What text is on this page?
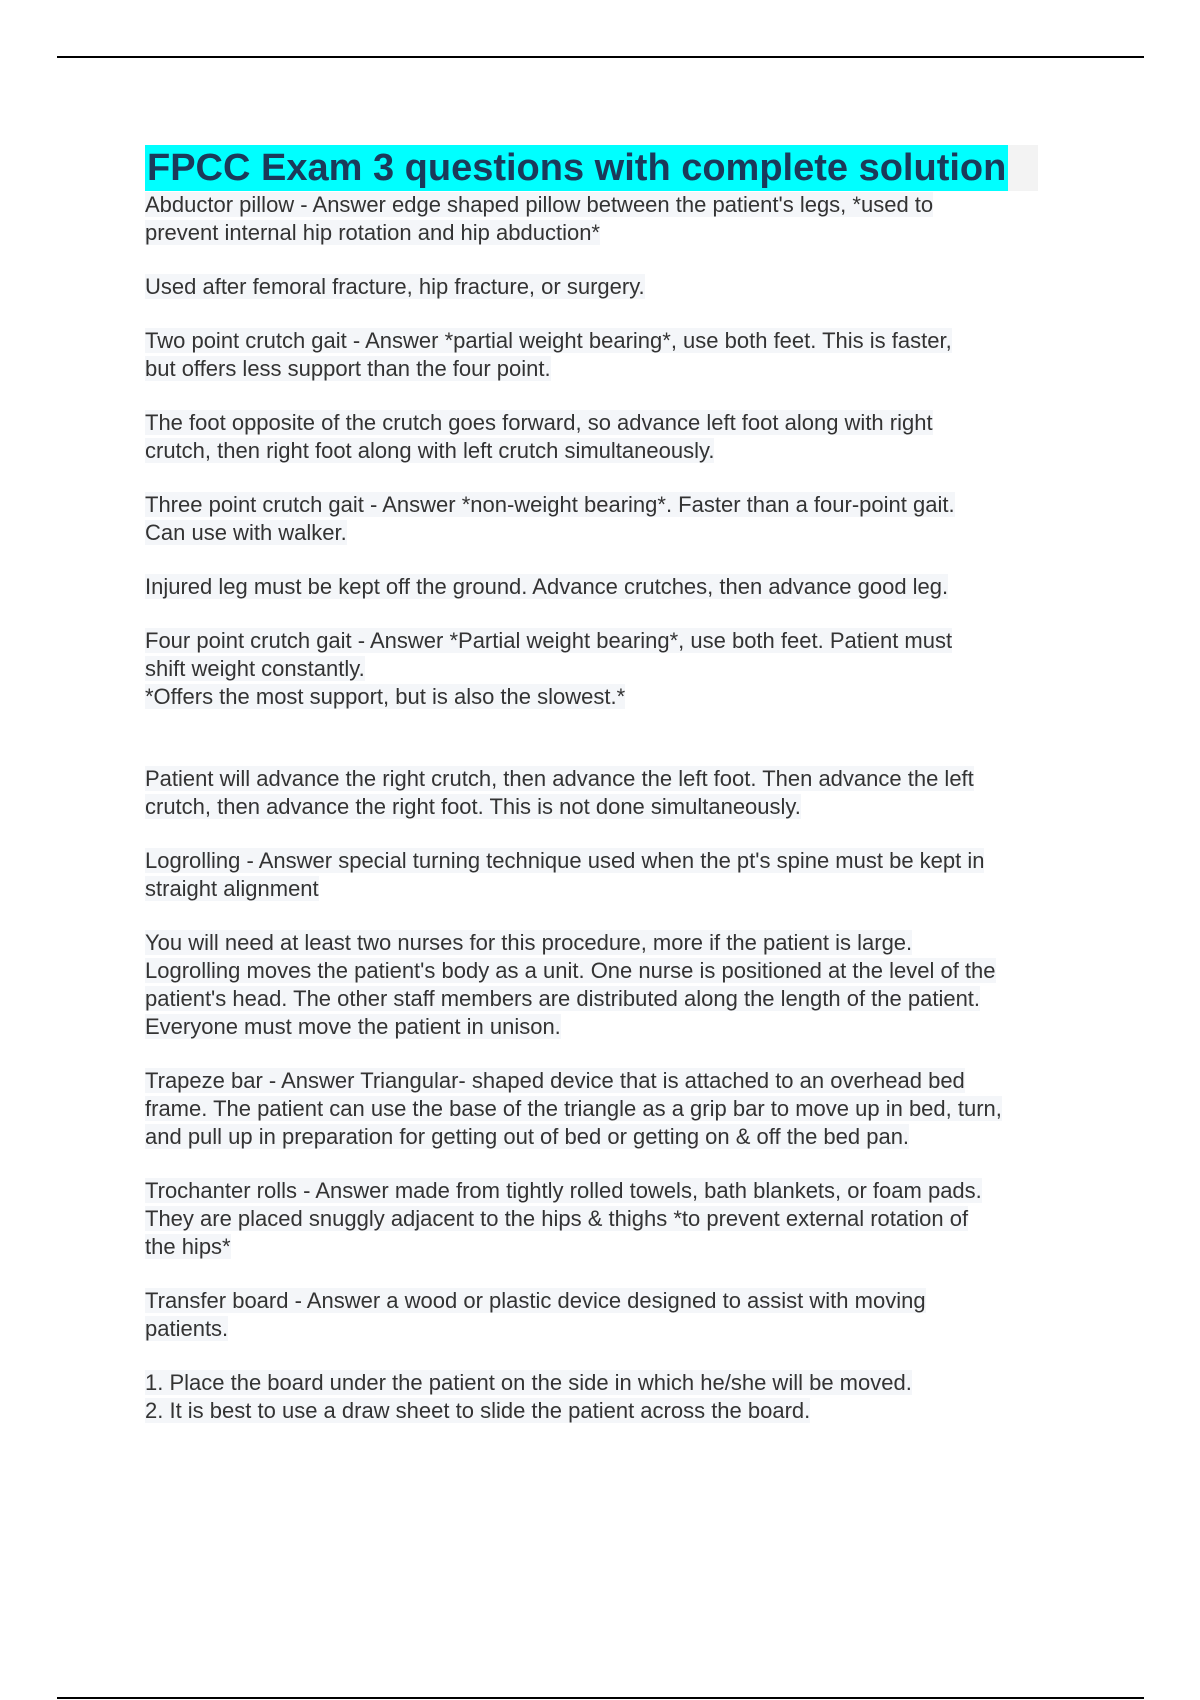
FPCC Exam 3 questions with complete solution

Abductor pillow - Answer edge shaped pillow between the patient's legs, *used to
prevent internal hip rotation and hip abduction*

Used after femoral fracture, hip fracture, or surgery.

Two point crutch gait - Answer *partial weight bearing*, use both feet. This is faster,
but offers less support than the four point.

The foot opposite of the crutch goes forward, so advance left foot along with right
crutch, then right foot along with left crutch simultaneously.

Three point crutch gait - Answer *non-weight bearing*. Faster than a four-point gait.
Can use with walker.

Injured leg must be kept off the ground. Advance crutches, then advance good leg.

Four point crutch gait - Answer *Partial weight bearing*, use both feet. Patient must
shift weight constantly.
*Offers the most support, but is also the slowest.*

Patient will advance the right crutch, then advance the left foot. Then advance the left
crutch, then advance the right foot. This is not done simultaneously.

Logrolling - Answer special turning technique used when the pt's spine must be kept in
straight alignment

You will need at least two nurses for this procedure, more if the patient is large.
Logrolling moves the patient's body as a unit. One nurse is positioned at the level of the
patient's head. The other staff members are distributed along the length of the patient.
Everyone must move the patient in unison.

Trapeze bar - Answer Triangular- shaped device that is attached to an overhead bed
frame. The patient can use the base of the triangle as a grip bar to move up in bed, turn,
and pull up in preparation for getting out of bed or getting on & off the bed pan.

Trochanter rolls - Answer made from tightly rolled towels, bath blankets, or foam pads.
They are placed snuggly adjacent to the hips & thighs *to prevent external rotation of
the hips*

Transfer board - Answer a wood or plastic device designed to assist with moving
patients.

1. Place the board under the patient on the side in which he/she will be moved.
2. It is best to use a draw sheet to slide the patient across the board.
